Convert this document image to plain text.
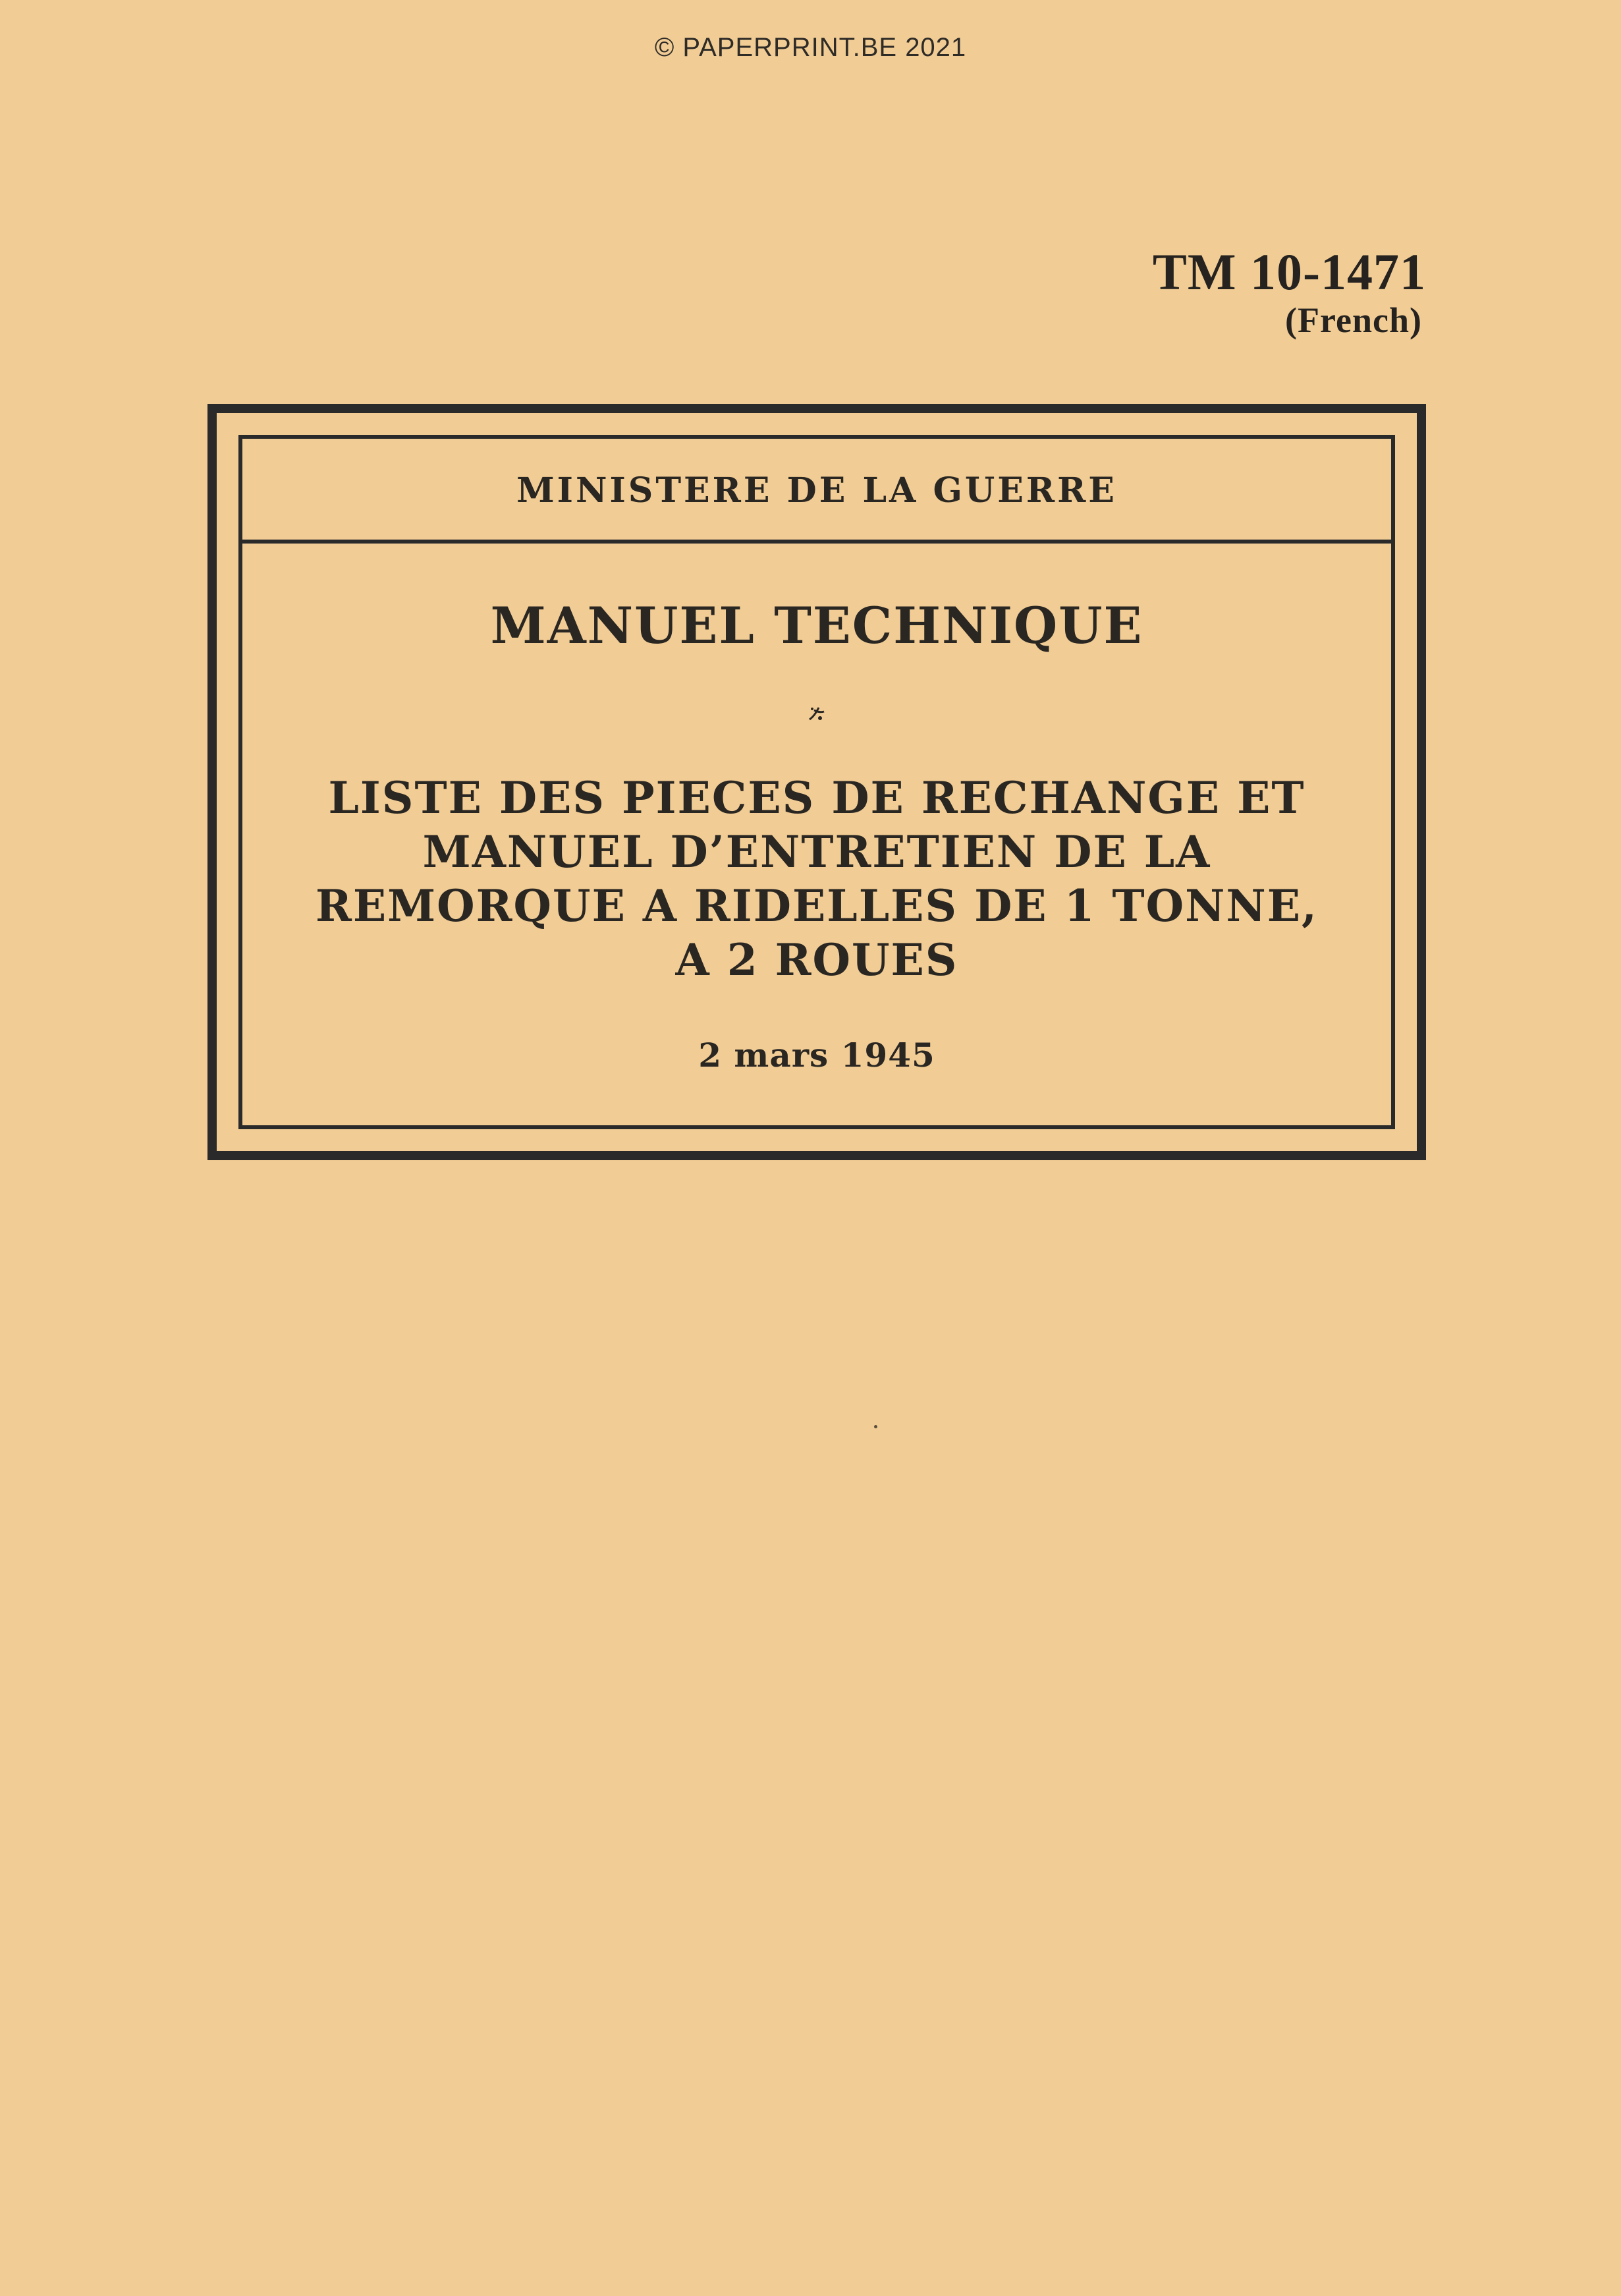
© PAPERPRINT.BE 2021
TM 10-1471
(French)
MINISTERE DE LA GUERRE
MANUEL TECHNIQUE
LISTE DES PIECES DE RECHANGE ET
MANUEL D’ENTRETIEN DE LA
REMORQUE A RIDELLES DE 1 TONNE,
A 2 ROUES
2 mars 1945
